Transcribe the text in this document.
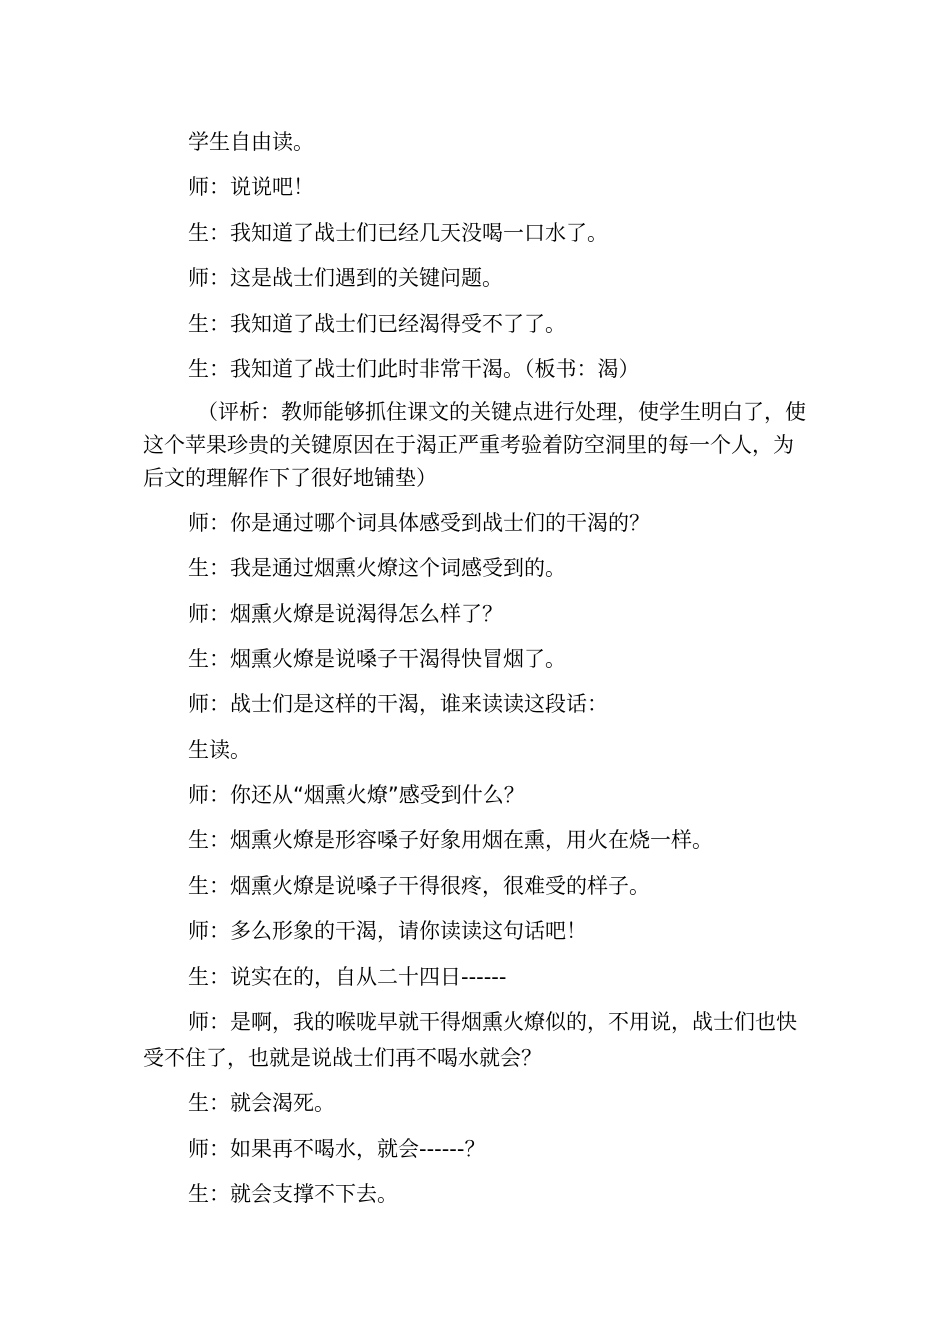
学生自由读。

师：说说吧！

生：我知道了战士们已经几天没喝一口水了。

师：这是战士们遇到的关键问题。

生：我知道了战士们已经渴得受不了了。

生：我知道了战士们此时非常干渴。（板书：渴）

（评析：教师能够抓住课文的关键点进行处理，使学生明白了，使这个苹果珍贵的关键原因在于渴正严重考验着防空洞里的每一个人，为后文的理解作下了很好地铺垫）

师：你是通过哪个词具体感受到战士们的干渴的？

生：我是通过烟熏火燎这个词感受到的。

师：烟熏火燎是说渴得怎么样了？

生：烟熏火燎是说嗓子干渴得快冒烟了。

师：战士们是这样的干渴，谁来读读这段话：

生读。

师：你还从“烟熏火燎”感受到什么？

生：烟熏火燎是形容嗓子好象用烟在熏，用火在烧一样。

生：烟熏火燎是说嗓子干得很疼，很难受的样子。

师：多么形象的干渴，请你读读这句话吧！

生：说实在的，自从二十四日------

师：是啊，我的喉咙早就干得烟熏火燎似的，不用说，战士们也快受不住了，也就是说战士们再不喝水就会？

生：就会渴死。

师：如果再不喝水，就会------？

生：就会支撑不下去。
